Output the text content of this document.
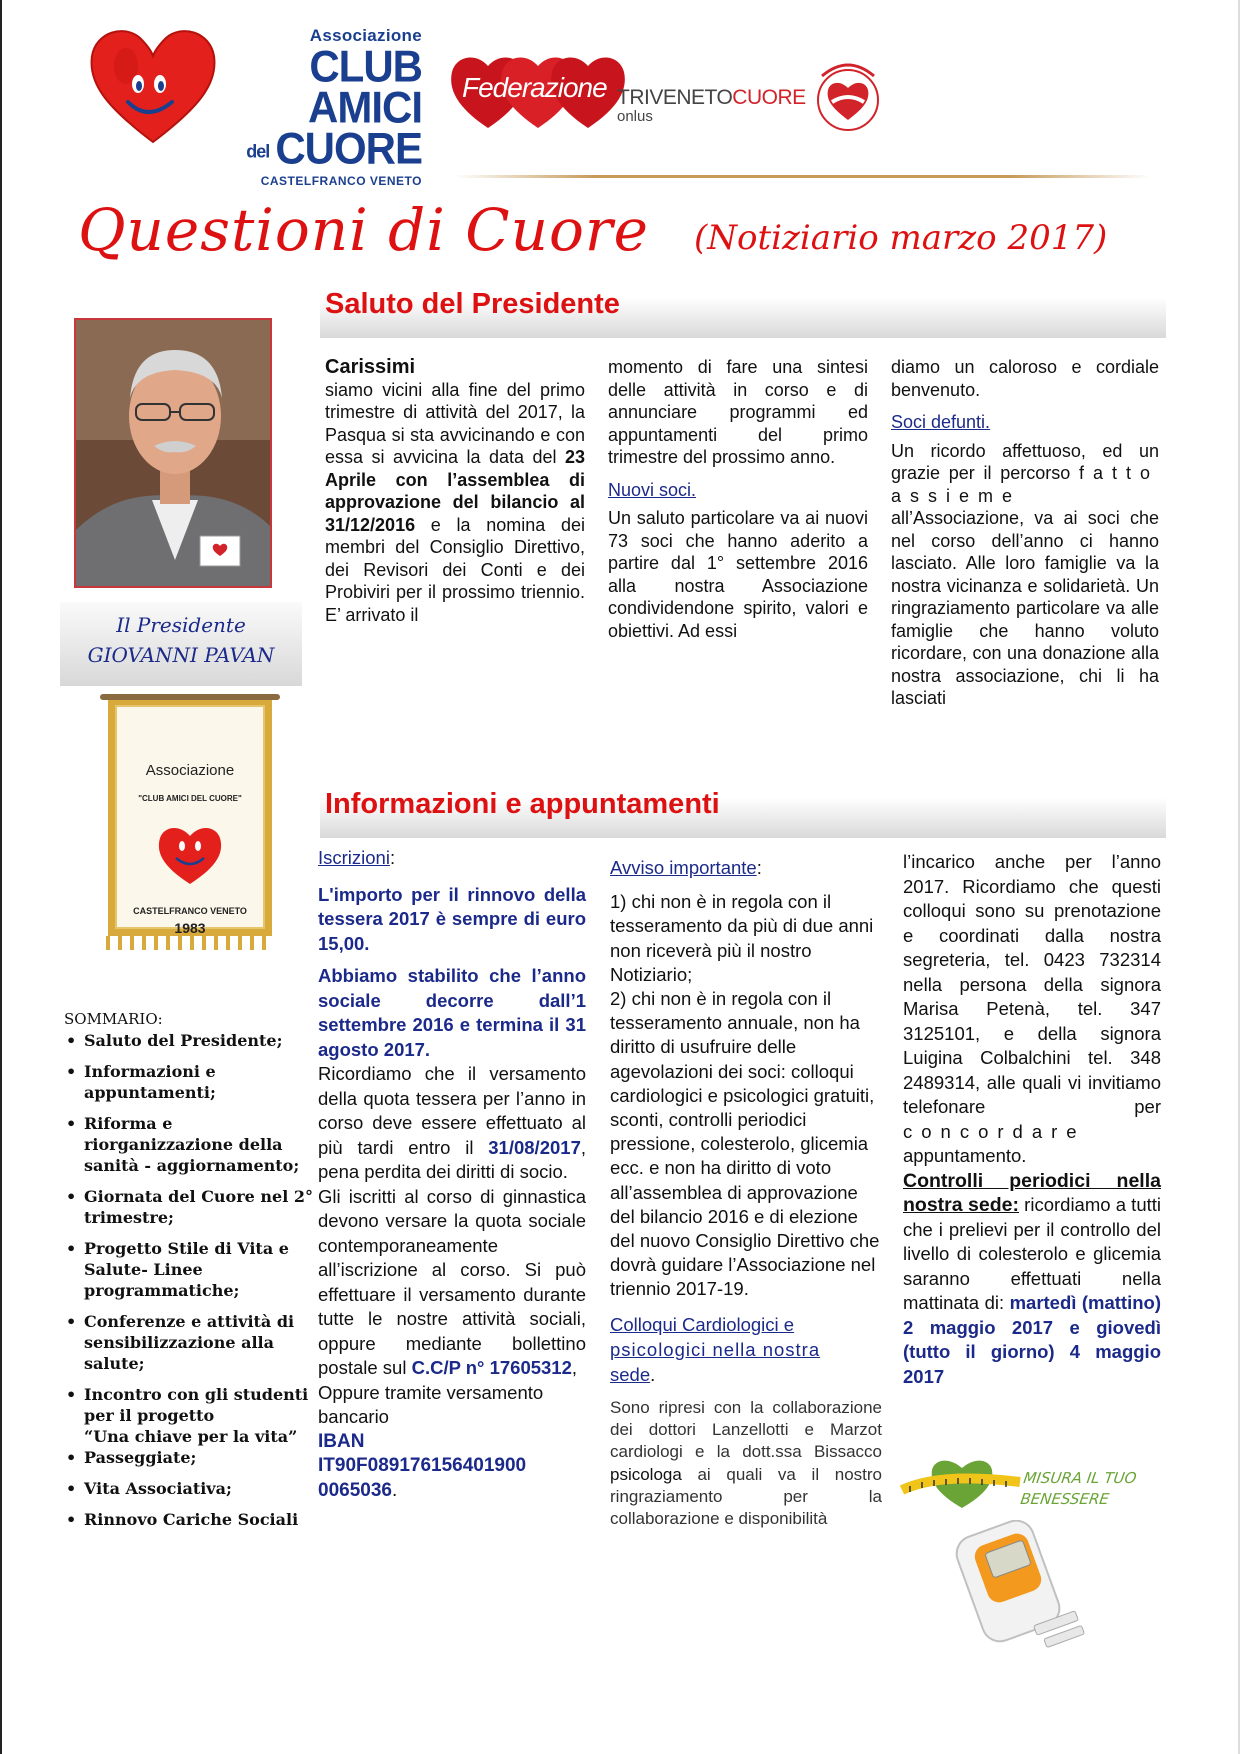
Associazione
CLUB
AMICI
del CUORE
CASTELFRANCO VENETO
Federazione TRIVENETOCUORE
onlus
Questioni di Cuore (Notiziario marzo 2017)
Il Presidente
GIOVANNI PAVAN
Associazione
"CLUB AMICI DEL CUORE"
CASTELFRANCO VENETO
1983
SOMMARIO:
• Saluto del Presidente;
• Informazioni e appuntamenti;
• Riforma e riorganizzazione della sanità - aggiornamento;
• Giornata del Cuore nel 2° trimestre;
• Progetto Stile di Vita e Salute- Linee programmatiche;
• Conferenze e attività di sensibilizzazione alla salute;
• Incontro con gli studenti per il progetto
“Una chiave per la vita”
• Passeggiate;
• Vita Associativa;
• Rinnovo Cariche Sociali
Saluto del Presidente

Carissimi

siamo vicini alla fine del primo trimestre di attività del 2017, la Pasqua si sta avvicinando e con essa si avvicina la data del 23 Aprile con l’assemblea di approvazione del bilancio al 31/12/2016 e la nomina dei membri del Consiglio Direttivo, dei Revisori dei Conti e dei Probiviri per il prossimo triennio. E’ arrivato il

momento di fare una sintesi delle attività in corso e di annunciare programmi ed appuntamenti del primo trimestre del prossimo anno.

Nuovi soci.

Un saluto particolare va ai nuovi 73 soci che hanno aderito a partire dal 1° settembre 2016 alla nostra Associazione condividendone spirito, valori e obiettivi. Ad essi

diamo un caloroso e cordiale benvenuto.

Soci defunti.

Un ricordo affettuoso, ed un grazie per il percorso fatto assieme all’Associazione, va ai soci che nel corso dell’anno ci hanno lasciato. Alle loro famiglie va la nostra vicinanza e solidarietà. Un ringraziamento particolare va alle famiglie che hanno voluto ricordare, con una donazione alla nostra associazione, chi li ha lasciati

Informazioni e appuntamenti

Iscrizioni:

L'importo per il rinnovo della tessera 2017 è sempre di euro 15,00.

Abbiamo stabilito che l’anno sociale decorre dall’1 settembre 2016 e termina il 31 agosto 2017.

Ricordiamo che il versamento della quota tessera per l’anno in corso deve essere effettuato al più tardi entro il 31/08/2017, pena perdita dei diritti di socio.

Gli iscritti al corso di ginnastica devono versare la quota sociale contemporaneamente all’iscrizione al corso. Si può effettuare il versamento durante tutte le nostre attività sociali, oppure mediante bollettino postale sul C.C/P n° 17605312,

Oppure tramite versamento bancario

IBAN
IT90F089176156401900
0065036.

Avviso importante:

1) chi non è in regola con il tesseramento da più di due anni non riceverà più il nostro Notiziario;

2) chi non è in regola con il tesseramento annuale, non ha diritto di usufruire delle agevolazioni dei soci: colloqui cardiologici e psicologici gratuiti, sconti, controlli periodici pressione, colesterolo, glicemia ecc. e non ha diritto di voto all’assemblea di approvazione del bilancio 2016 e di elezione del nuovo Consiglio Direttivo che dovrà guidare l’Associazione nel triennio 2017-19.

Colloqui Cardiologici e
psicologici nella nostra
sede.

Sono ripresi con la collaborazione dei dottori Lanzellotti e Marzot cardiologi e la dott.ssa Bissacco psicologa ai quali va il nostro ringraziamento per la collaborazione e disponibilità

l’incarico anche per l’anno 2017. Ricordiamo che questi colloqui sono su prenotazione e coordinati dalla nostra segreteria, tel. 0423 732314 nella persona della signora Marisa Petenà, tel. 347 3125101, e della signora Luigina Colbalchini tel. 348 2489314, alle quali vi invitiamo telefonare per concordare appuntamento.

Controlli periodici nella nostra sede: ricordiamo a tutti che i prelievi per il controllo del livello di colesterolo e glicemia saranno effettuati nella mattinata di: martedì (mattino) 2 maggio 2017 e giovedì (tutto il giorno) 4 maggio 2017

MISURA IL TUO
BENESSERE
